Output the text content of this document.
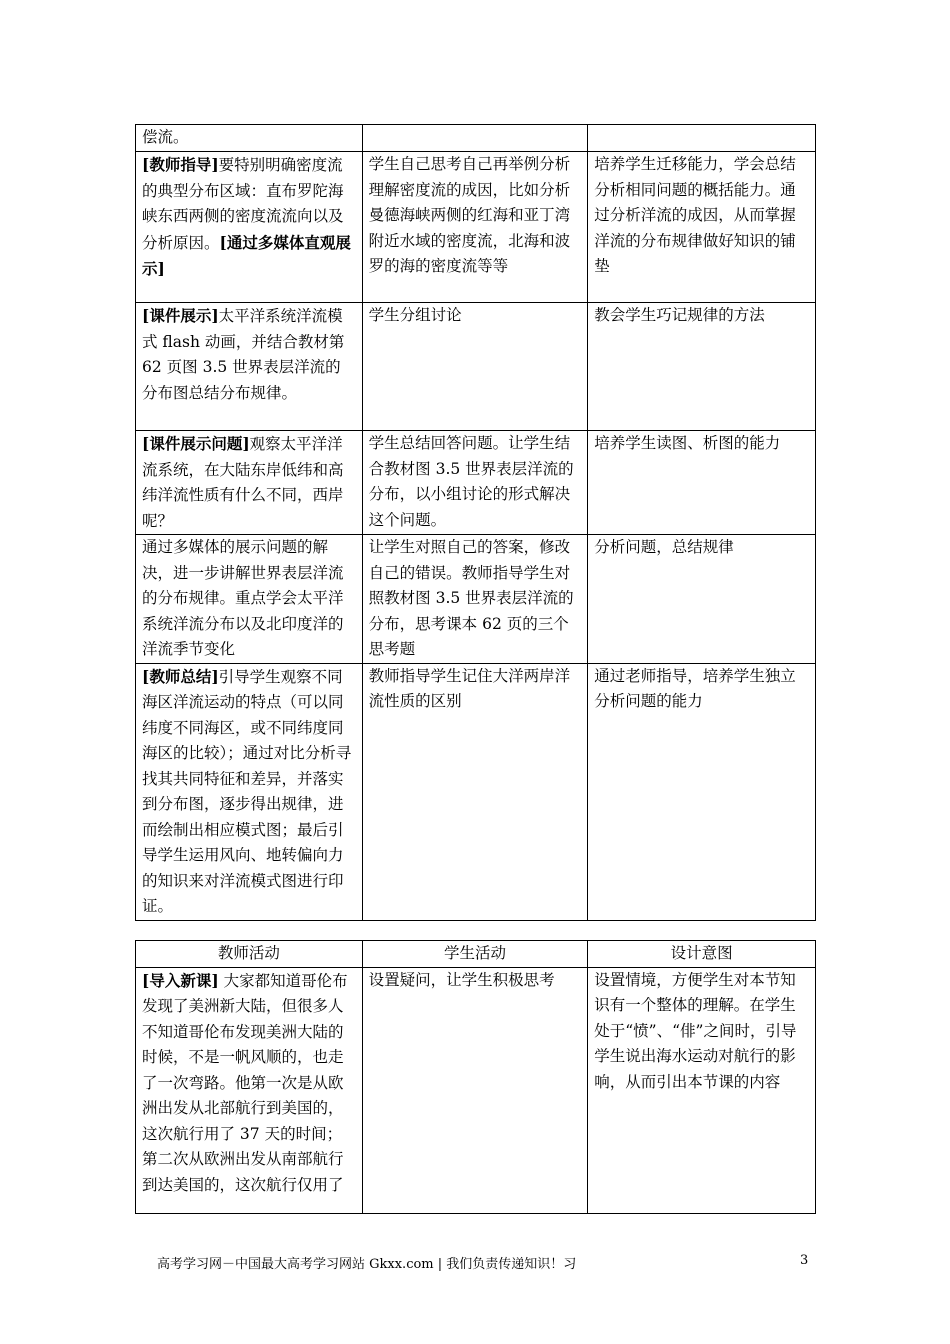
偿流。		
[教师指导]要特别明确密度流的典型分布区域：直布罗陀海峡东西两侧的密度流流向以及分析原因。[通过多媒体直观展示]	学生自己思考自己再举例分析理解密度流的成因，比如分析曼德海峡两侧的红海和亚丁湾附近水域的密度流，北海和波罗的海的密度流等等	培养学生迁移能力，学会总结分析相同问题的概括能力。通过分析洋流的成因，从而掌握洋流的分布规律做好知识的铺垫
[课件展示]太平洋系统洋流模式 flash 动画，并结合教材第 62 页图 3.5 世界表层洋流的分布图总结分布规律。	学生分组讨论	教会学生巧记规律的方法
[课件展示问题]观察太平洋洋流系统，在大陆东岸低纬和高纬洋流性质有什么不同，西岸呢？	学生总结回答问题。让学生结合教材图 3.5 世界表层洋流的分布，以小组讨论的形式解决这个问题。	培养学生读图、析图的能力
通过多媒体的展示问题的解决，进一步讲解世界表层洋流的分布规律。重点学会太平洋系统洋流分布以及北印度洋的洋流季节变化	让学生对照自己的答案，修改自己的错误。教师指导学生对照教材图 3.5 世界表层洋流的分布，思考课本 62 页的三个思考题	分析问题，总结规律
[教师总结]引导学生观察不同海区洋流运动的特点（可以同纬度不同海区，或不同纬度同海区的比较）；通过对比分析寻找其共同特征和差异，并落实到分布图，逐步得出规律，进而绘制出相应模式图；最后引导学生运用风向、地转偏向力的知识来对洋流模式图进行印证。	教师指导学生记住大洋两岸洋流性质的区别	通过老师指导，培养学生独立分析问题的能力
教师活动	学生活动	设计意图
[导入新课] 大家都知道哥伦布发现了美洲新大陆，但很多人不知道哥伦布发现美洲大陆的时候，不是一帆风顺的，也走了一次弯路。他第一次是从欧洲出发从北部航行到美国的，这次航行用了 37 天的时间；第二次从欧洲出发从南部航行到达美国的，这次航行仅用了	设置疑问，让学生积极思考	设置情境，方便学生对本节知识有一个整体的理解。在学生处于“愤”、“俳”之间时，引导学生说出海水运动对航行的影响，从而引出本节课的内容
高考学习网－中国最大高考学习网站 Gkxx.com | 我们负责传递知识！习	3
